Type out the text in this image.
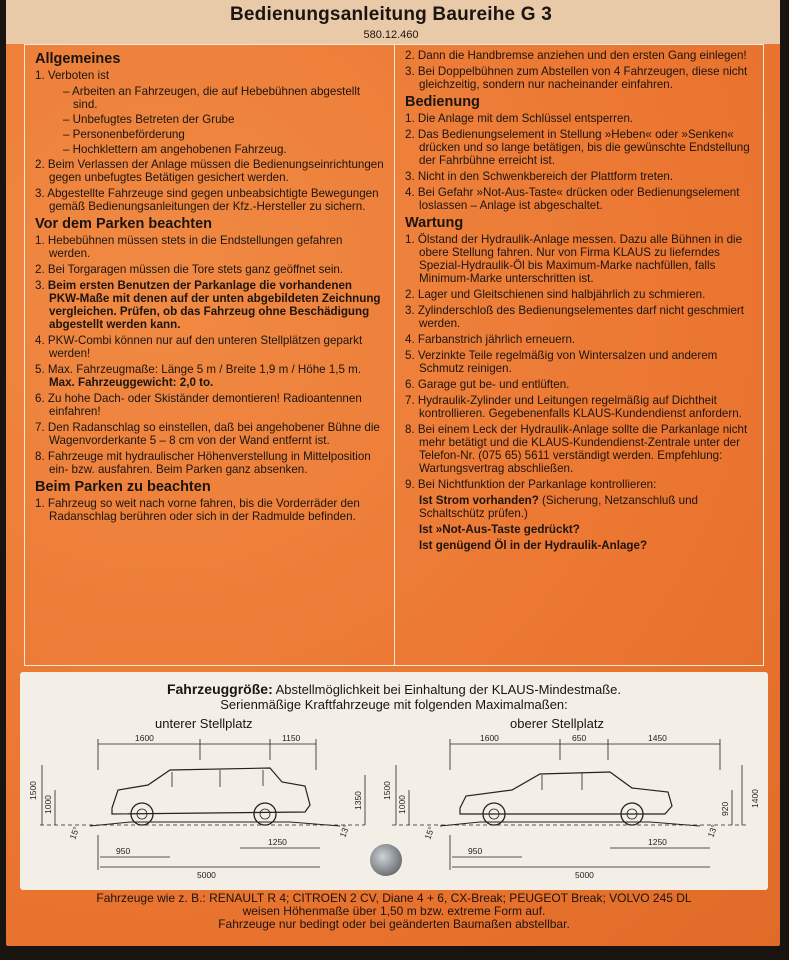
Bedienungsanleitung Baureihe G 3
580.12.460
Allgemeines

1. Verboten ist

– Arbeiten an Fahrzeugen, die auf Hebebühnen abgestellt sind.

– Unbefugtes Betreten der Grube

– Personenbeförderung

– Hochklettern am angehobenen Fahrzeug.

2. Beim Verlassen der Anlage müssen die Bedienungseinrichtungen gegen unbefugtes Betätigen gesichert werden.

3. Abgestellte Fahrzeuge sind gegen unbeabsichtigte Bewegungen gemäß Bedienungsanleitungen der Kfz.-Hersteller zu sichern.

Vor dem Parken beachten

1. Hebebühnen müssen stets in die Endstellungen gefahren werden.

2. Bei Torgaragen müssen die Tore stets ganz geöffnet sein.

3. Beim ersten Benutzen der Parkanlage die vorhandenen PKW-Maße mit denen auf der unten abgebildeten Zeichnung vergleichen. Prüfen, ob das Fahrzeug ohne Beschädigung abgestellt werden kann.

4. PKW-Combi können nur auf den unteren Stellplätzen geparkt werden!

5. Max. Fahrzeugmaße: Länge 5 m / Breite 1,9 m / Höhe 1,5 m. Max. Fahrzeuggewicht: 2,0 to.

6. Zu hohe Dach- oder Skiständer demontieren! Radioantennen einfahren!

7. Den Radanschlag so einstellen, daß bei angehobener Bühne die Wagenvorderkante 5 – 8 cm von der Wand entfernt ist.

8. Fahrzeuge mit hydraulischer Höhenverstellung in Mittelposition ein- bzw. ausfahren. Beim Parken ganz absenken.

Beim Parken zu beachten

1. Fahrzeug so weit nach vorne fahren, bis die Vorderräder den Radanschlag berühren oder sich in der Radmulde befinden.

2. Dann die Handbremse anziehen und den ersten Gang einlegen!

3. Bei Doppelbühnen zum Abstellen von 4 Fahrzeugen, diese nicht gleichzeitig, sondern nur nacheinander einfahren.

Bedienung

1. Die Anlage mit dem Schlüssel entsperren.

2. Das Bedienungselement in Stellung »Heben« oder »Senken« drücken und so lange betätigen, bis die gewünschte Endstellung der Fahrbühne erreicht ist.

3. Nicht in den Schwenkbereich der Plattform treten.

4. Bei Gefahr »Not-Aus-Taste« drücken oder Bedienungselement loslassen – Anlage ist abgeschaltet.

Wartung

1. Ölstand der Hydraulik-Anlage messen. Dazu alle Bühnen in die obere Stellung fahren. Nur von Firma KLAUS zu lieferndes Spezial-Hydraulik-Öl bis Maximum-Marke nachfüllen, falls Minimum-Marke unterschritten ist.

2. Lager und Gleitschienen sind halbjährlich zu schmieren.

3. Zylinderschloß des Bedienungselementes darf nicht geschmiert werden.

4. Farbanstrich jährlich erneuern.

5. Verzinkte Teile regelmäßig von Wintersalzen und anderem Schmutz reinigen.

6. Garage gut be- und entlüften.

7. Hydraulik-Zylinder und Leitungen regelmäßig auf Dichtheit kontrollieren. Gegebenenfalls KLAUS-Kundendienst anfordern.

8. Bei einem Leck der Hydraulik-Anlage sollte die Parkanlage nicht mehr betätigt und die KLAUS-Kundendienst-Zentrale unter der Telefon-Nr. (075 65) 5611 verständigt werden. Empfehlung: Wartungsvertrag abschließen.

9. Bei Nichtfunktion der Parkanlage kontrollieren:

Ist Strom vorhanden? (Sicherung, Netzanschluß und Schaltschütz prüfen.)

Ist »Not-Aus-Taste gedrückt?

Ist genügend Öl in der Hydraulik-Anlage?

Fahrzeuggröße: Abstellmöglichkeit bei Einhaltung der KLAUS-Mindestmaße.
Serienmäßige Kraftfahrzeuge mit folgenden Maximalmaßen:
unterer Stellplatz	oberer Stellplatz
1600	1150
1500
1000	1350
15°	13°
950
1250
5000
1600	650	1450
1500
1000	920
1400
15°	13°
950
1250
5000
Fahrzeuge wie z. B.: RENAULT R 4; CITROEN 2 CV, Diane 4 + 6, CX-Break; PEUGEOT Break; VOLVO 245 DL
weisen Höhenmaße über 1,50 m bzw. extreme Form auf.
Fahrzeuge nur bedingt oder bei geänderten Baumaßen abstellbar.
